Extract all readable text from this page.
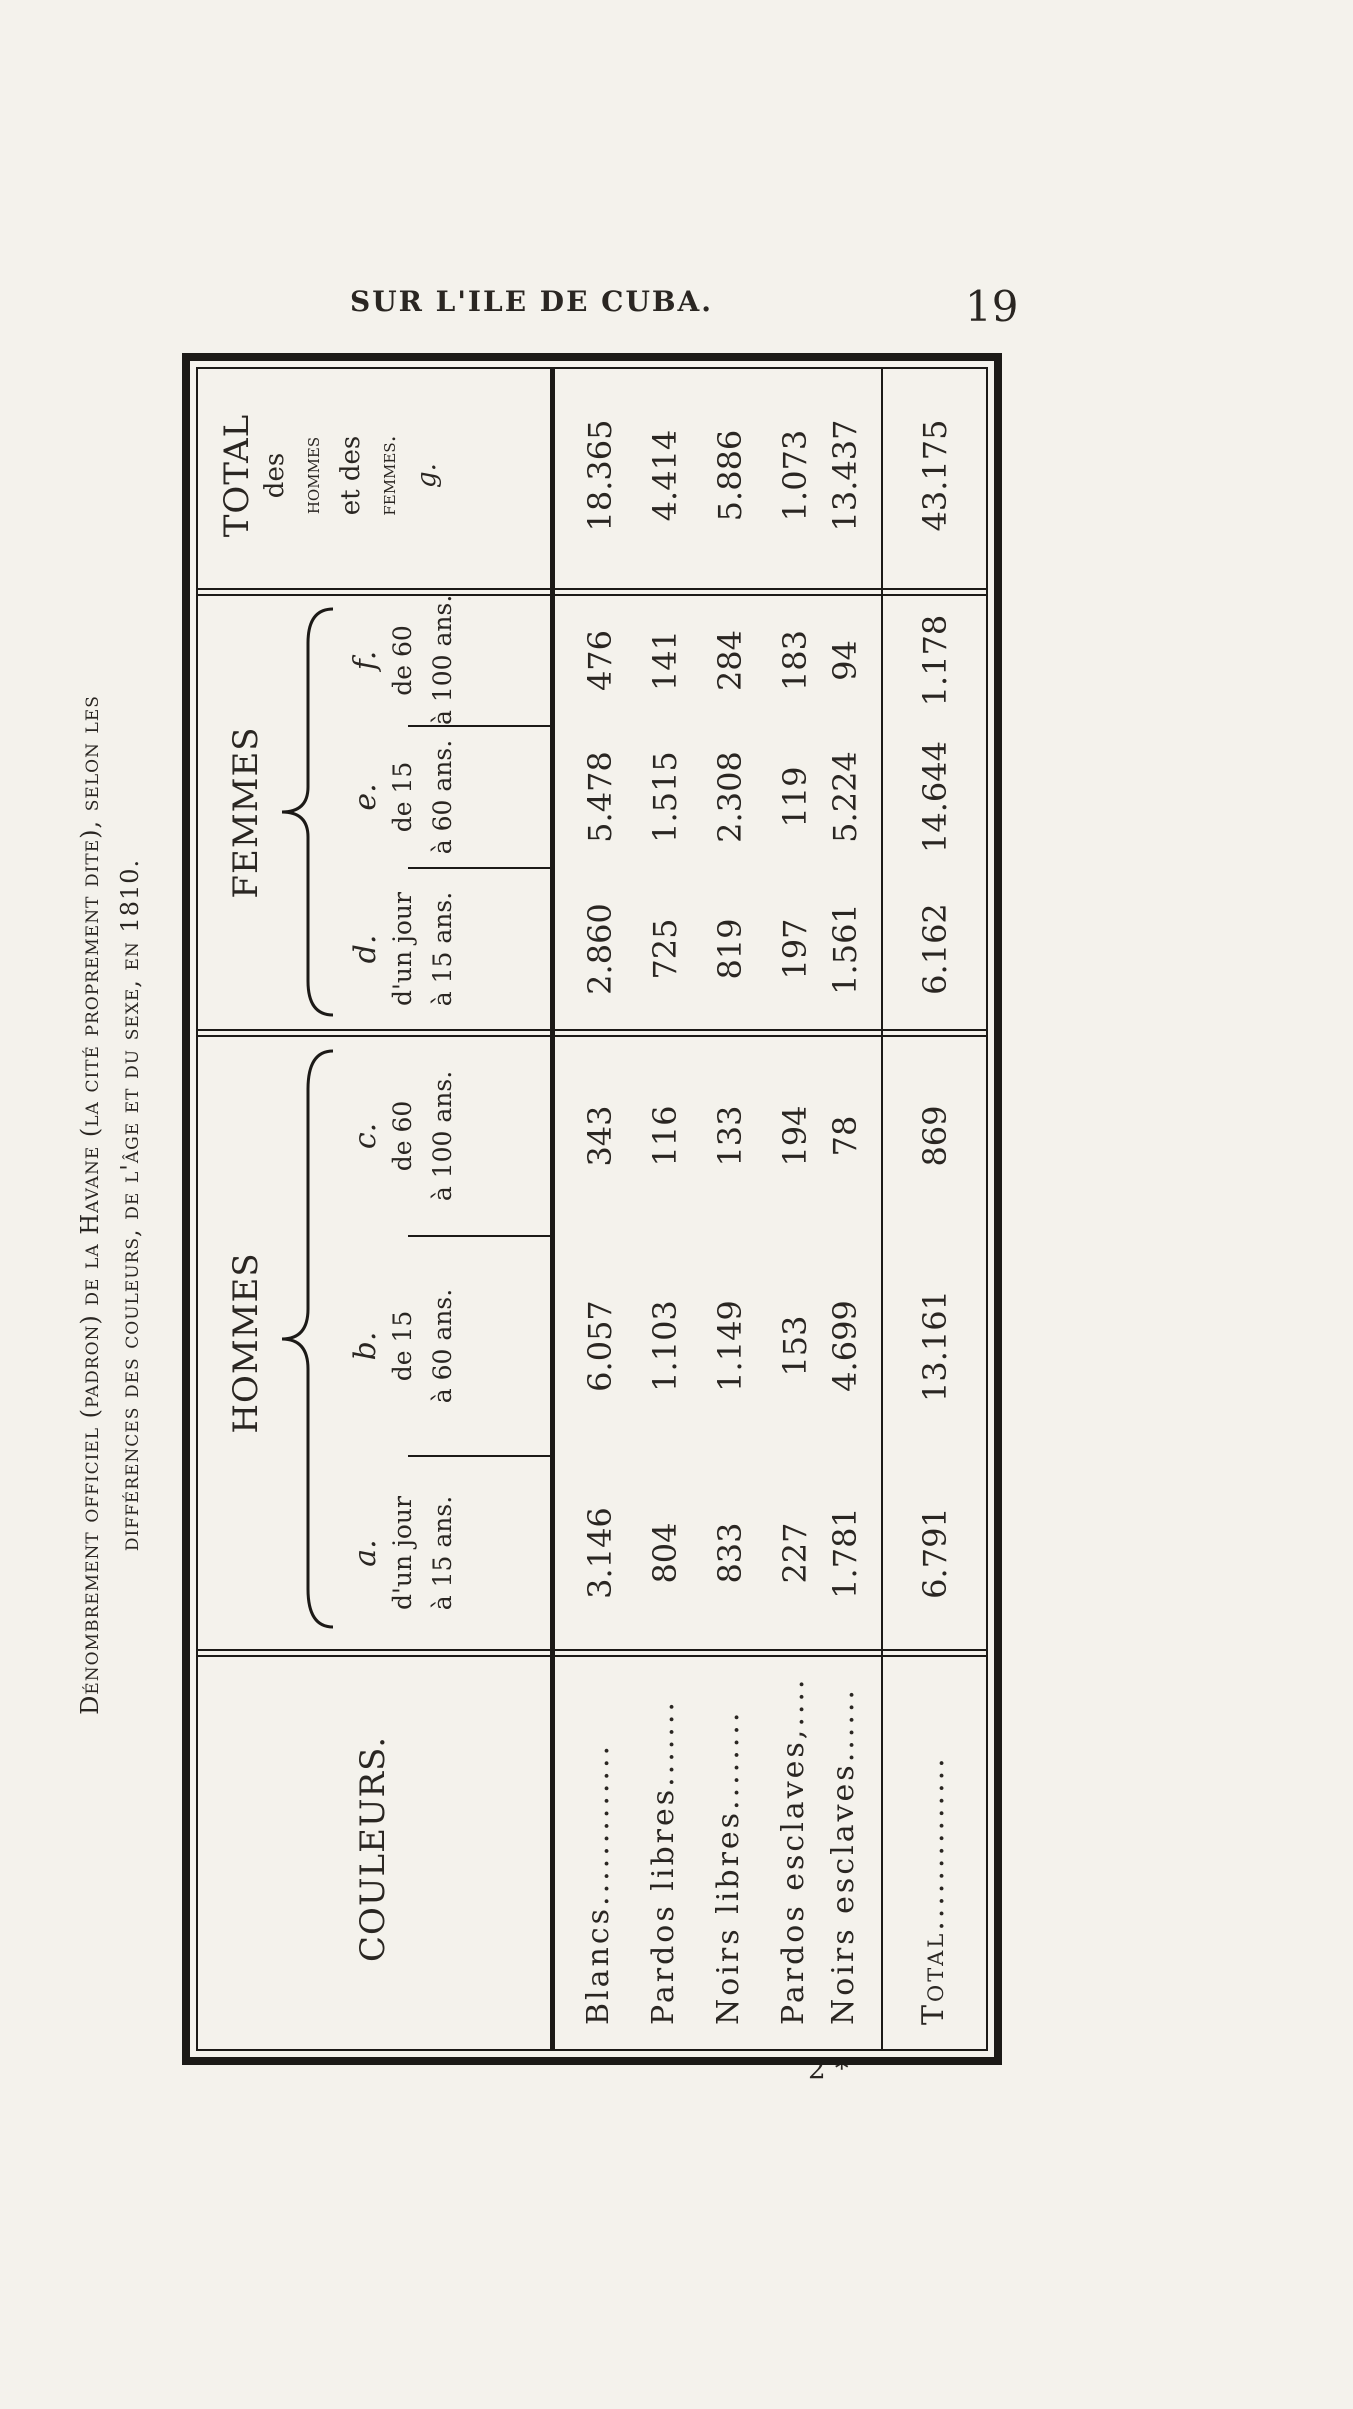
SUR L'ILE DE CUBA.	19
2 *
Dénombrement officiel (padron) de la Havane (la cité proprement dite), selon les différences des couleurs, de l'âge et du sexe, en 1810.
COULEURS.
HOMMES
FEMMES
a. d'un jour à 15 ans.
b. de 15 à 60 ans.
c. de 60 à 100 ans.
d. d'un jour à 15 ans.
e. de 15 à 60 ans.
f. de 60 à 100 ans.
TOTAL des hommes et des femmes. g.
Blancs.............
3.146
6.057
343
2.860
5.478
476
18.365
Pardos libres.......
804
1.103
116
725
1.515
141
4.414
Noirs libres........
833
1.149
133
819
2.308
284
5.886
Pardos esclaves,....
227
153
194
197
119
183
1.073
Noirs esclaves......
1.781
4.699
78
1.561
5.224
94
13.437
Total..............
6.791
13.161
869
6.162
14.644
1.178
43.175
